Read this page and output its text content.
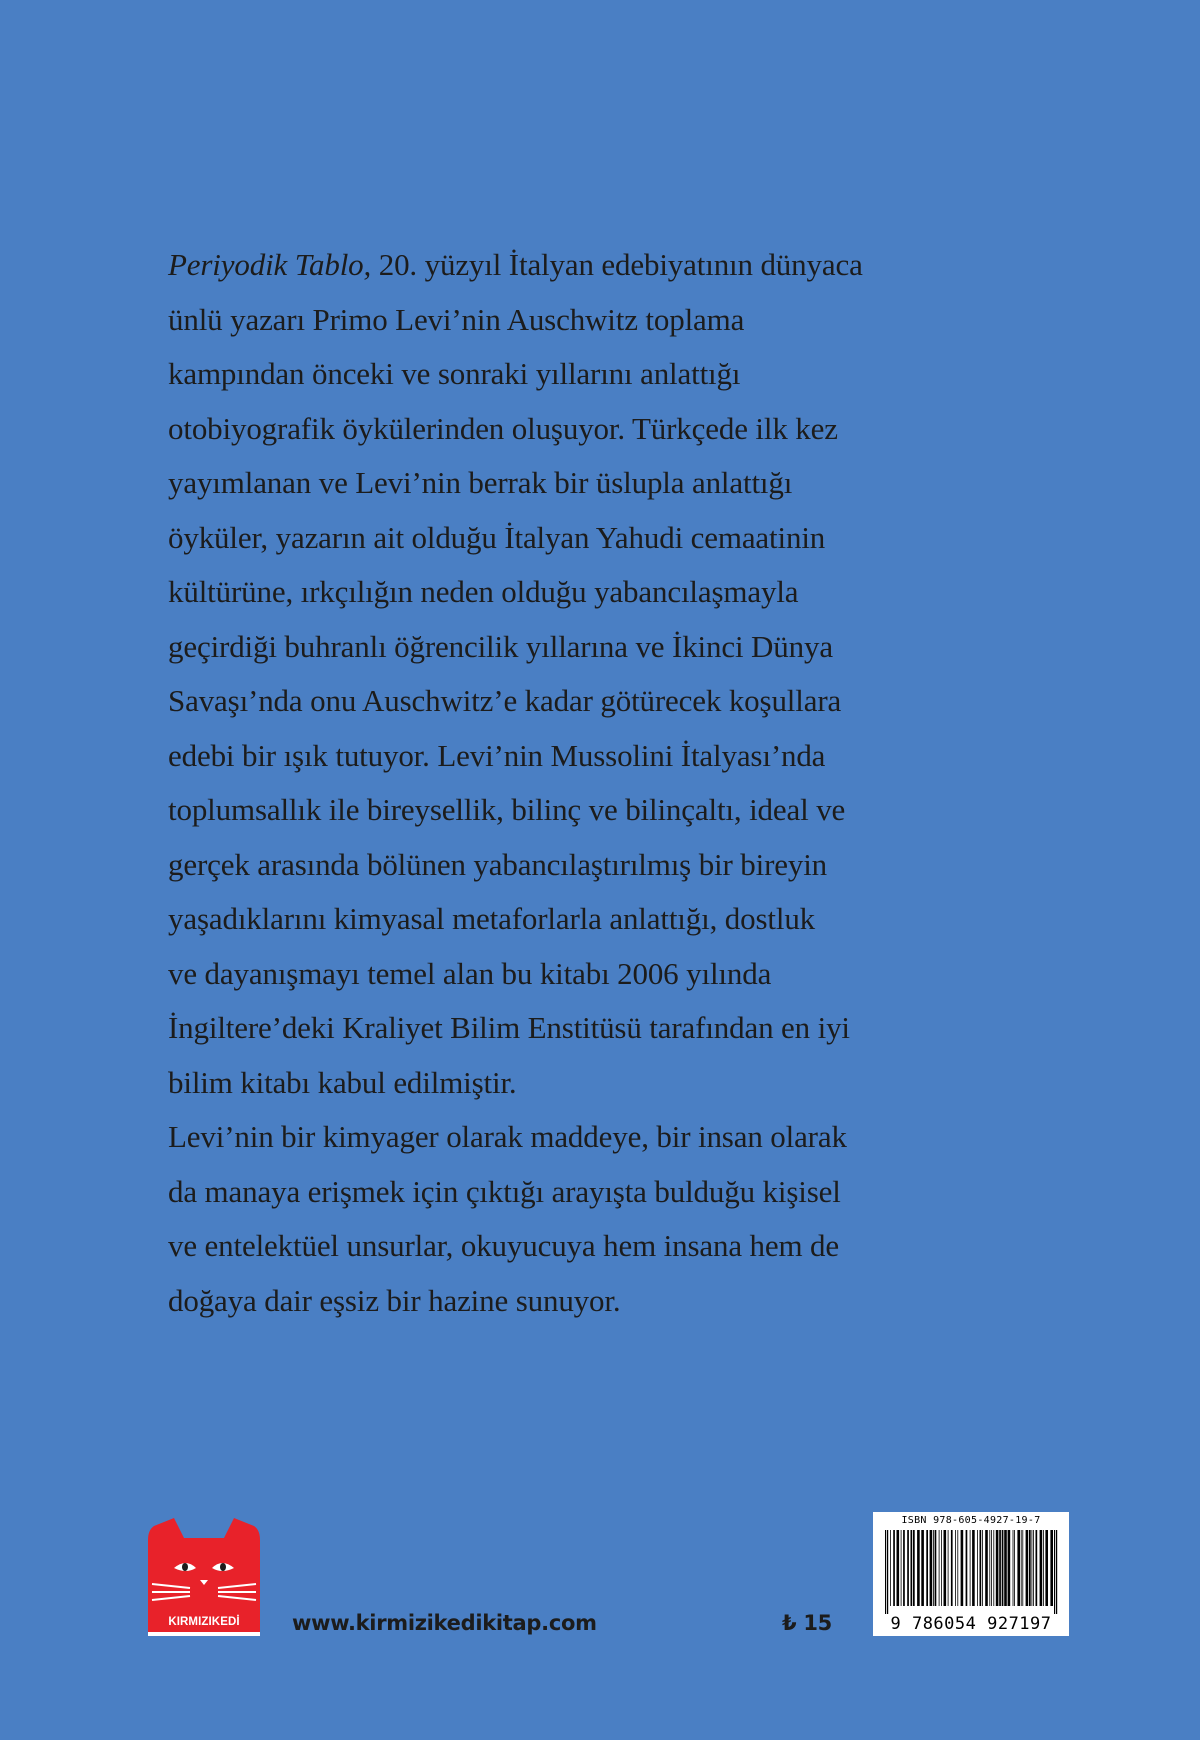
Periyodik Tablo, 20. yüzyıl İtalyan edebiyatının dünyaca
ünlü yazarı Primo Levi’nin Auschwitz toplama
kampından önceki ve sonraki yıllarını anlattığı
otobiyografik öykülerinden oluşuyor. Türkçede ilk kez
yayımlanan ve Levi’nin berrak bir üslupla anlattığı
öyküler, yazarın ait olduğu İtalyan Yahudi cemaatinin
kültürüne, ırkçılığın neden olduğu yabancılaşmayla
geçirdiği buhranlı öğrencilik yıllarına ve İkinci Dünya
Savaşı’nda onu Auschwitz’e kadar götürecek koşullara
edebi bir ışık tutuyor. Levi’nin Mussolini İtalyası’nda
toplumsallık ile bireysellik, bilinç ve bilinçaltı, ideal ve
gerçek arasında bölünen yabancılaştırılmış bir bireyin
yaşadıklarını kimyasal metaforlarla anlattığı, dostluk
ve dayanışmayı temel alan bu kitabı 2006 yılında
İngiltere’deki Kraliyet Bilim Enstitüsü tarafından en iyi
bilim kitabı kabul edilmiştir.
Levi’nin bir kimyager olarak maddeye, bir insan olarak

da manaya erişmek için çıktığı arayışta bulduğu kişisel
ve entelektüel unsurlar, okuyucuya hem insana hem de
doğaya dair eşsiz bir hazine sunuyor.

KIRMIZIKEDİ	www.kirmizikedikitap.com	₺ 15
ISBN 978-605-4927-19-7
9 786054 927197
